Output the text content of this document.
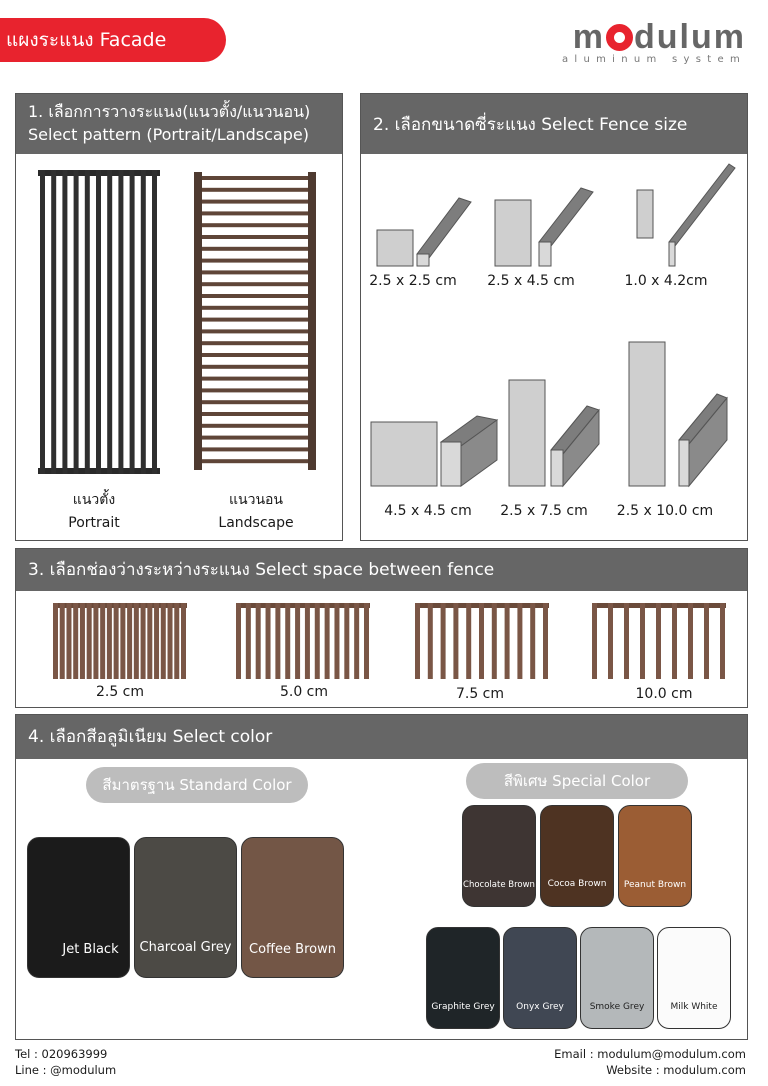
แผงระแนง Facade	m dulum
aluminum system
1. เลือกการวางระแนง(แนวตั้ง/แนวนอน)
Select pattern (Portrait/Landscape)
แนวตั้ง
Portrait
แนวนอน
Landscape
2. เลือกขนาดซี่ระแนง Select Fence size
2.5 x 2.5 cm	2.5 x 4.5 cm	1.0 x 4.2cm
4.5 x 4.5 cm	2.5 x 7.5 cm	2.5 x 10.0 cm
3. เลือกช่องว่างระหว่างระแนง Select space between fence
2.5 cm	5.0 cm	7.5 cm	10.0 cm
4. เลือกสีอลูมิเนียม Select color
สีมาตรฐาน Standard Color	สีพิเศษ Special Color
Jet Black	Charcoal Grey	Coffee Brown
Chocolate Brown	Cocoa Brown	Peanut Brown
Graphite Grey	Onyx Grey	Smoke Grey	Milk White
Tel : 020963999
Line : @modulum
Email : modulum@modulum.com
Website : modulum.com
